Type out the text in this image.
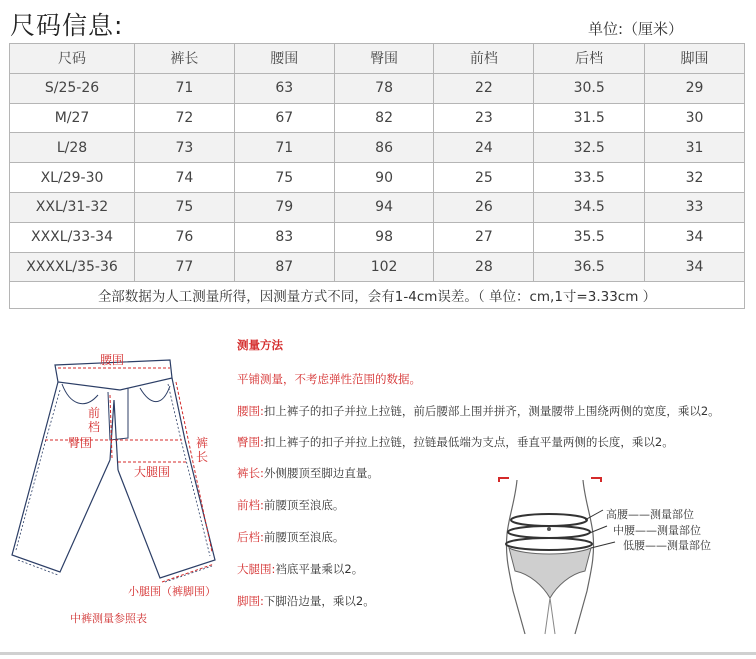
尺码信息:	单位:（厘米）
尺码	裤长	腰围	臀围	前档	后档	脚围
S/25-26	71	63	78	22	30.5	29
M/27	72	67	82	23	31.5	30
L/28	73	71	86	24	32.5	31
XL/29-30	74	75	90	25	33.5	32
XXL/31-32	75	79	94	26	34.5	33
XXXL/33-34	76	83	98	27	35.5	34
XXXXL/35-36	77	87	102	28	36.5	34
全部数据为人工测量所得，因测量方式不同，会有1-4cm误差。（ 单位：cm,1寸=3.33cm ）						
腰围
臀围
大腿围
小腿围（裤脚围）
前档
裤长
中裤测量参照表
测量方法
平铺测量，不考虑弹性范围的数据。
腰围:扣上裤子的扣子并拉上拉链，前后腰部上围并拼齐，测量腰带上围绕两侧的宽度，乘以2。
臀围:扣上裤子的扣子并拉上拉链，拉链最低端为支点，垂直平量两侧的长度，乘以2。
裤长:外侧腰顶至脚边直量。
前档:前腰顶至浪底。
后档:前腰顶至浪底。
大腿围:裆底平量乘以2。
脚围:下脚沿边量，乘以2。
高腰——测量部位
中腰——测量部位
低腰——测量部位
